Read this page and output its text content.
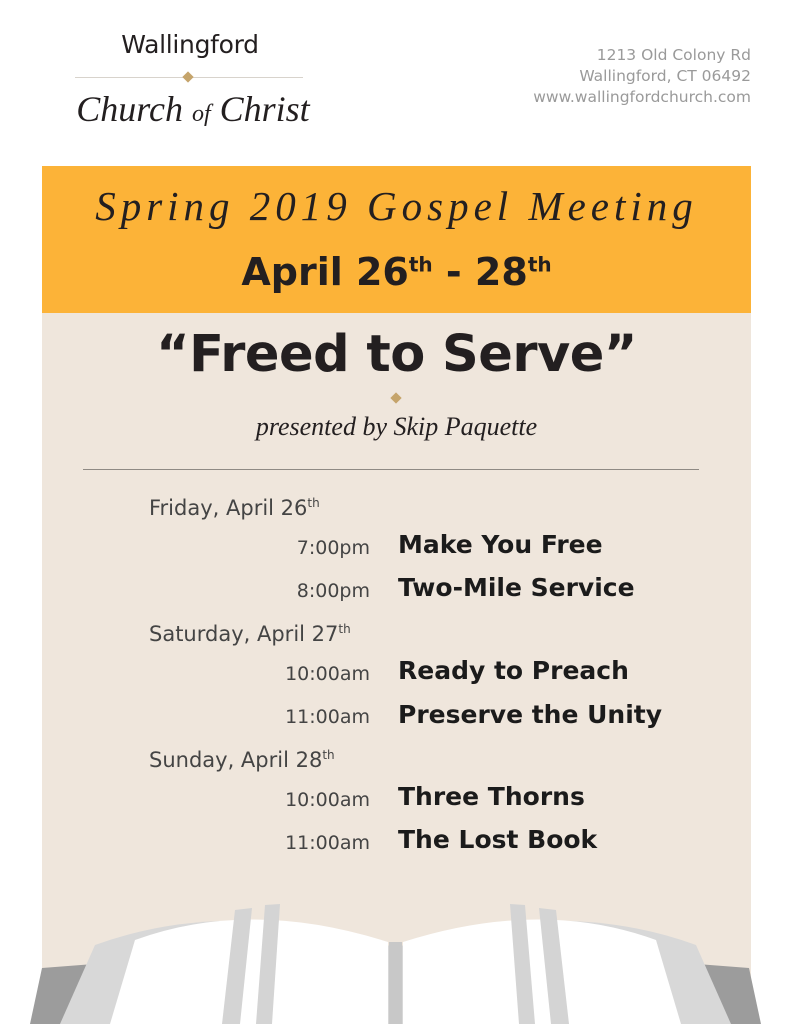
Wallingford
Church of Christ
1213 Old Colony Rd
Wallingford, CT 06492
www.wallingfordchurch.com
Spring 2019 Gospel Meeting
April 26th - 28th
“Freed to Serve”
presented by Skip Paquette
Friday, April 26th
7:00pm Make You Free
8:00pm Two-Mile Service
Saturday, April 27th
10:00am Ready to Preach
11:00am Preserve the Unity
Sunday, April 28th
10:00am Three Thorns
11:00am The Lost Book
